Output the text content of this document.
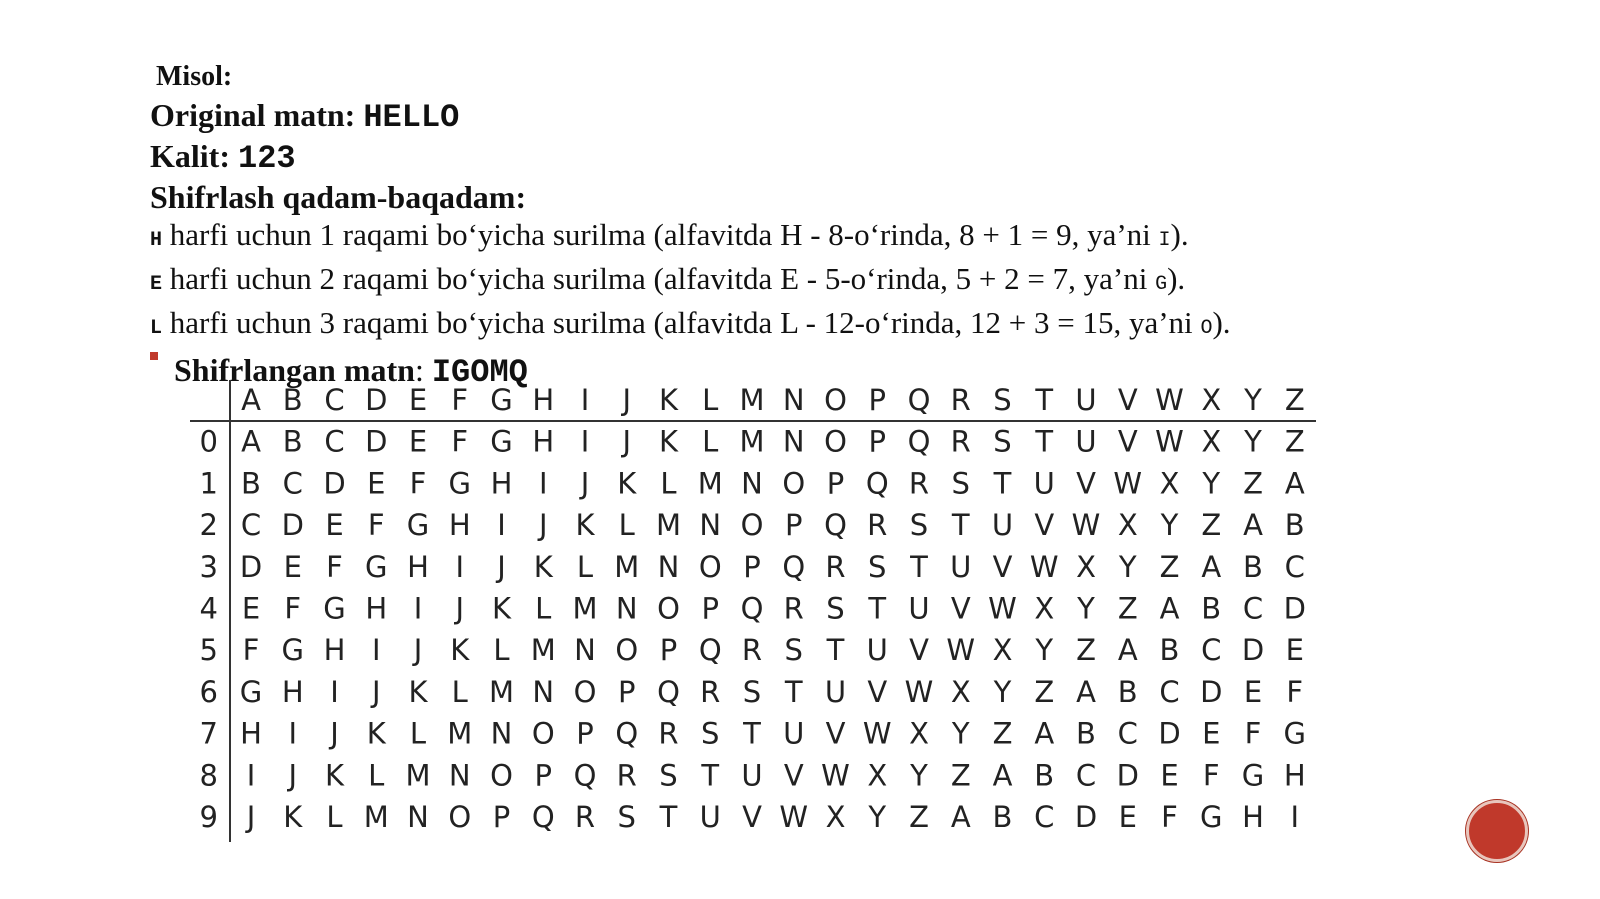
Misol:
Original matn: HELLO
Kalit: 123
Shifrlash qadam-baqadam:
H harfi uchun 1 raqami bo‘yicha surilma (alfavitda H - 8-o‘rinda, 8 + 1 = 9, ya’ni I).
E harfi uchun 2 raqami bo‘yicha surilma (alfavitda E - 5-o‘rinda, 5 + 2 = 7, ya’ni G).
L harfi uchun 3 raqami bo‘yicha surilma (alfavitda L - 12-o‘rinda, 12 + 3 = 15, ya’ni O).
Shifrlangan matn: IGOMQ
A B C D E F G H I J K L M N O P Q R S T U V W X Y Z
0 A B C D E F G H I J K L M N O P Q R S T U V W X Y Z
1 B C D E F G H I J K L M N O P Q R S T U V W X Y Z A
2 C D E F G H I J K L M N O P Q R S T U V W X Y Z A B
3 D E F G H I J K L M N O P Q R S T U V W X Y Z A B C
4 E F G H I J K L M N O P Q R S T U V W X Y Z A B C D
5 F G H I J K L M N O P Q R S T U V W X Y Z A B C D E
6 G H I J K L M N O P Q R S T U V W X Y Z A B C D E F
7 H I J K L M N O P Q R S T U V W X Y Z A B C D E F G
8 I J K L M N O P Q R S T U V W X Y Z A B C D E F G H
9 J K L M N O P Q R S T U V W X Y Z A B C D E F G H I
